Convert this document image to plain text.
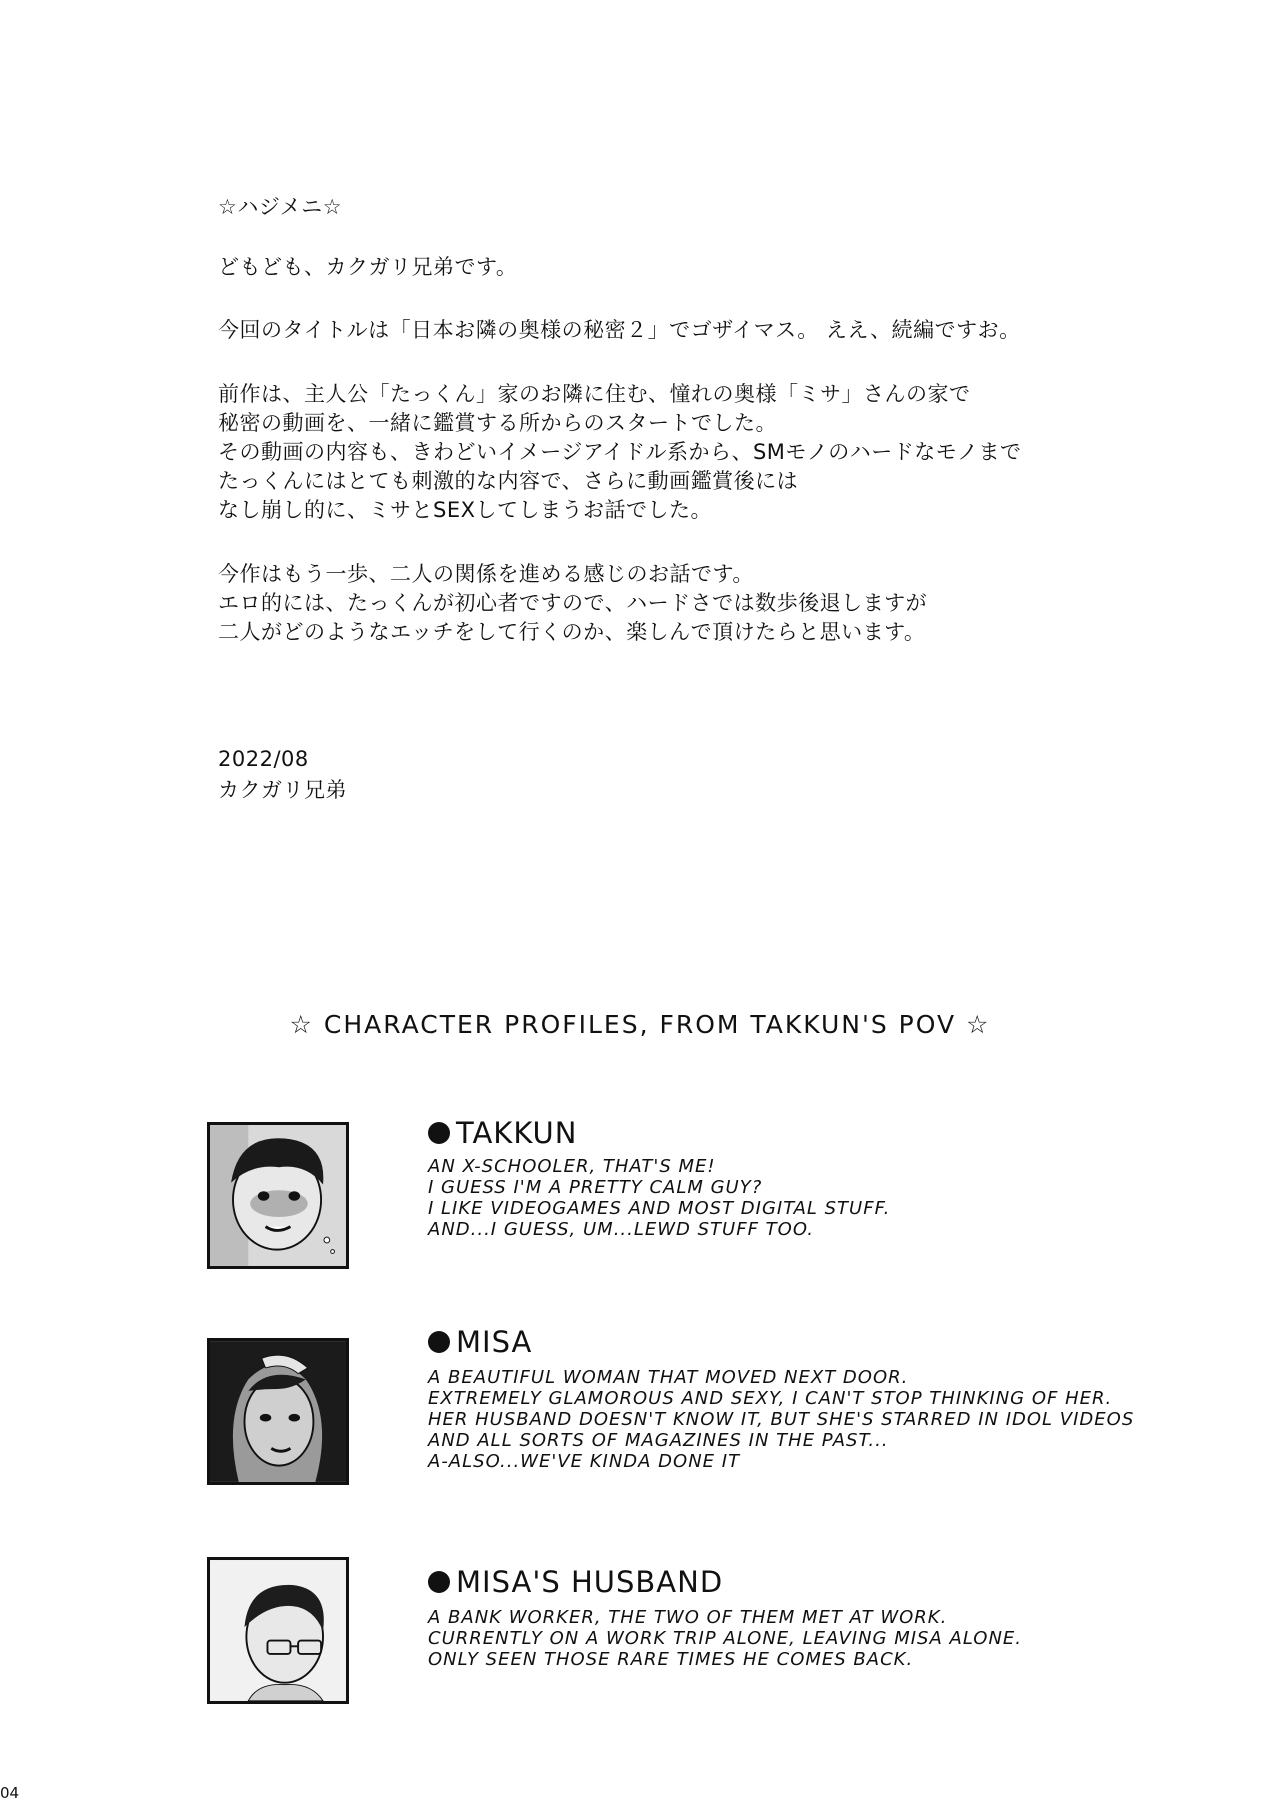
☆ハジメニ☆
どもども、カクガリ兄弟です。
今回のタイトルは「日本お隣の奥様の秘密２」でゴザイマス。 ええ、続編ですお。
前作は、主人公「たっくん」家のお隣に住む、憧れの奥様「ミサ」さんの家で
秘密の動画を、一緒に鑑賞する所からのスタートでした。
その動画の内容も、きわどいイメージアイドル系から、SMモノのハードなモノまで
たっくんにはとても刺激的な内容で、さらに動画鑑賞後には
なし崩し的に、ミサとSEXしてしまうお話でした。
今作はもう一歩、二人の関係を進める感じのお話です。
エロ的には、たっくんが初心者ですので、ハードさでは数歩後退しますが
二人がどのようなエッチをして行くのか、楽しんで頂けたらと思います。
2022/08
カクガリ兄弟
☆ CHARACTER PROFILES, FROM TAKKUN'S POV ☆
TAKKUN
AN X-SCHOOLER, THAT'S ME!
I GUESS I'M A PRETTY CALM GUY?
I LIKE VIDEOGAMES AND MOST DIGITAL STUFF.
AND...I GUESS, UM...LEWD STUFF TOO.
MISA
A BEAUTIFUL WOMAN THAT MOVED NEXT DOOR.
EXTREMELY GLAMOROUS AND SEXY, I CAN'T STOP THINKING OF HER.
HER HUSBAND DOESN'T KNOW IT, BUT SHE'S STARRED IN IDOL VIDEOS
AND ALL SORTS OF MAGAZINES IN THE PAST...
A-ALSO...WE'VE KINDA DONE IT
MISA'S HUSBAND
A BANK WORKER, THE TWO OF THEM MET AT WORK.
CURRENTLY ON A WORK TRIP ALONE, LEAVING MISA ALONE.
ONLY SEEN THOSE RARE TIMES HE COMES BACK.
04
